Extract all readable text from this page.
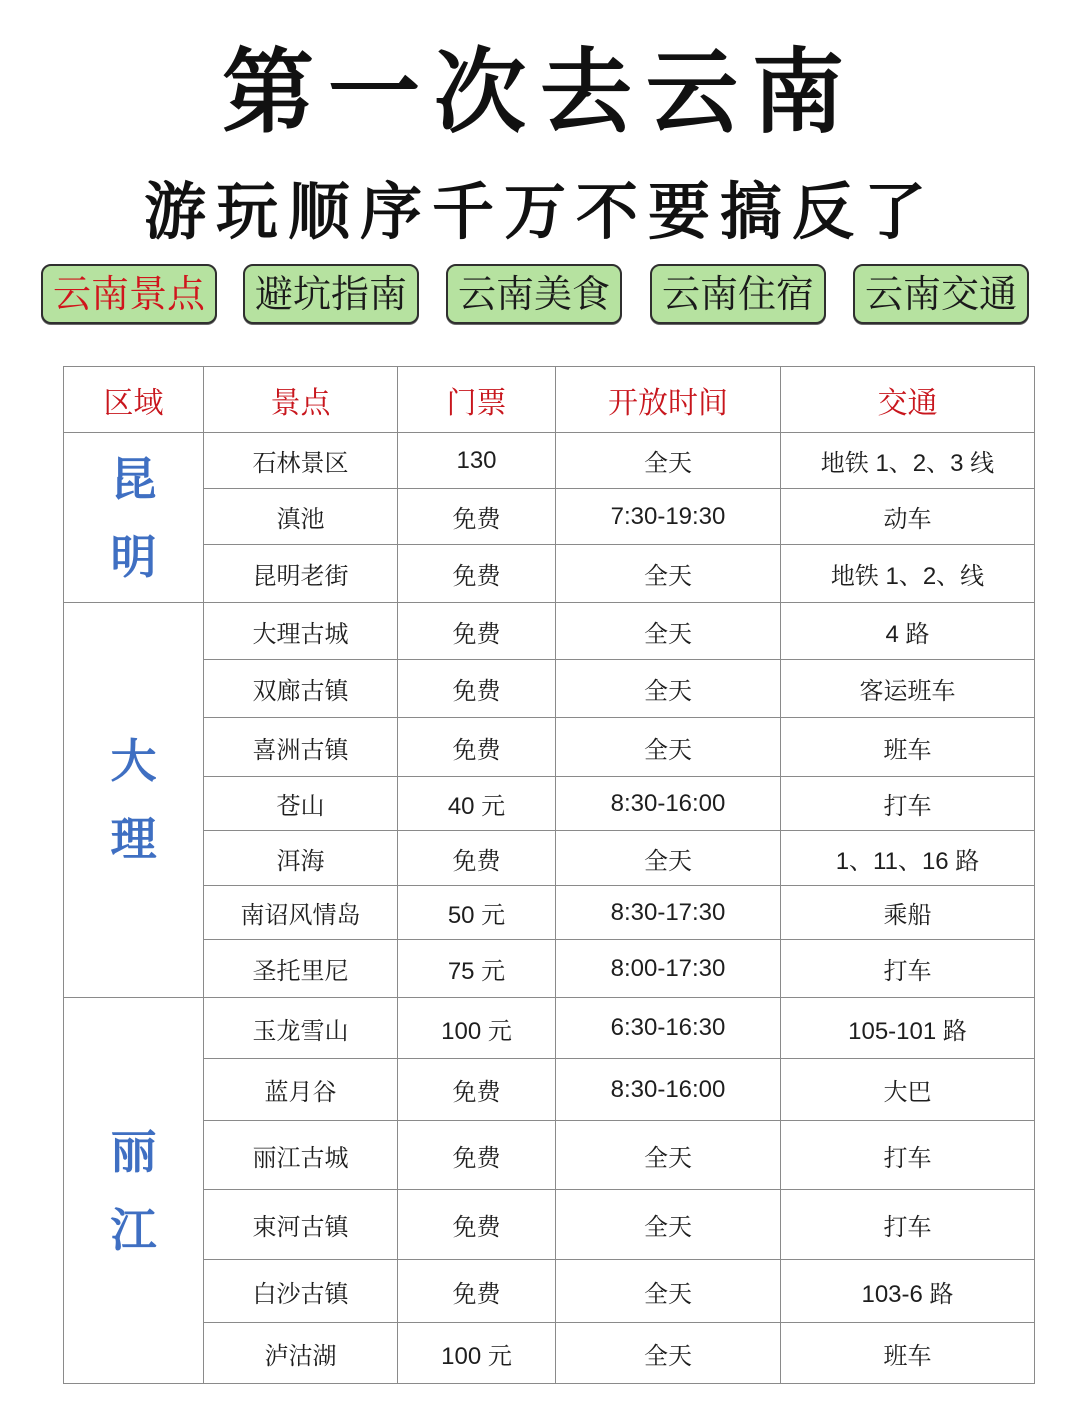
第一次去云南
游玩顺序千万不要搞反了
云南景点	避坑指南	云南美食	云南住宿	云南交通
区域	景点	门票	开放时间	交通
昆明	石林景区	130	全天	地铁 1、2、3 线
	滇池	免费	7:30-19:30	动车
	昆明老街	免费	全天	地铁 1、2、线
大理	大理古城	免费	全天	4 路
	双廊古镇	免费	全天	客运班车
	喜洲古镇	免费	全天	班车
	苍山	40 元	8:30-16:00	打车
	洱海	免费	全天	1、11、16 路
	南诏风情岛	50 元	8:30-17:30	乘船
	圣托里尼	75 元	8:00-17:30	打车
丽江	玉龙雪山	100 元	6:30-16:30	105-101 路
	蓝月谷	免费	8:30-16:00	大巴
	丽江古城	免费	全天	打车
	束河古镇	免费	全天	打车
	白沙古镇	免费	全天	103-6 路
	泸沽湖	100 元	全天	班车
